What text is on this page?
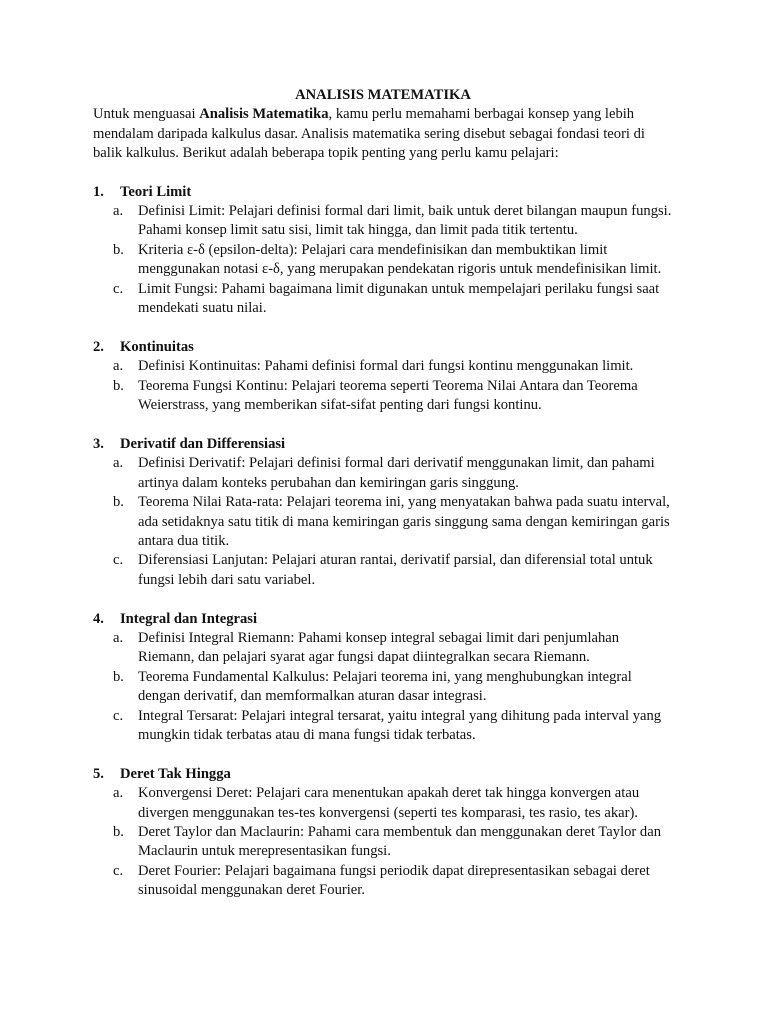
ANALISIS MATEMATIKA

Untuk menguasai Analisis Matematika, kamu perlu memahami berbagai konsep yang lebih mendalam daripada kalkulus dasar. Analisis matematika sering disebut sebagai fondasi teori di balik kalkulus. Berikut adalah beberapa topik penting yang perlu kamu pelajari:

1.	Teori Limit
a.	Definisi Limit: Pelajari definisi formal dari limit, baik untuk deret bilangan maupun fungsi. Pahami konsep limit satu sisi, limit tak hingga, dan limit pada titik tertentu.
b. Kriteria ε-δ (epsilon-delta): Pelajari cara mendefinisikan dan membuktikan limit menggunakan notasi ε-δ, yang merupakan pendekatan rigoris untuk mendefinisikan limit.
c.	Limit Fungsi: Pahami bagaimana limit digunakan untuk mempelajari perilaku fungsi saat mendekati suatu nilai.
2.	Kontinuitas
a.	Definisi Kontinuitas: Pahami definisi formal dari fungsi kontinu menggunakan limit.
b. Teorema Fungsi Kontinu: Pelajari teorema seperti Teorema Nilai Antara dan Teorema Weierstrass, yang memberikan sifat-sifat penting dari fungsi kontinu.
3.	Derivatif dan Differensiasi
a.	Definisi Derivatif: Pelajari definisi formal dari derivatif menggunakan limit, dan pahami artinya dalam konteks perubahan dan kemiringan garis singgung.
b. Teorema Nilai Rata-rata: Pelajari teorema ini, yang menyatakan bahwa pada suatu interval, ada setidaknya satu titik di mana kemiringan garis singgung sama dengan kemiringan garis antara dua titik.
c.	Diferensiasi Lanjutan: Pelajari aturan rantai, derivatif parsial, dan diferensial total untuk fungsi lebih dari satu variabel.
4.	Integral dan Integrasi
a.	Definisi Integral Riemann: Pahami konsep integral sebagai limit dari penjumlahan Riemann, dan pelajari syarat agar fungsi dapat diintegralkan secara Riemann.
b. Teorema Fundamental Kalkulus: Pelajari teorema ini, yang menghubungkan integral dengan derivatif, dan memformalkan aturan dasar integrasi.
c.	Integral Tersarat: Pelajari integral tersarat, yaitu integral yang dihitung pada interval yang mungkin tidak terbatas atau di mana fungsi tidak terbatas.
5.	Deret Tak Hingga
a.	Konvergensi Deret: Pelajari cara menentukan apakah deret tak hingga konvergen atau divergen menggunakan tes-tes konvergensi (seperti tes komparasi, tes rasio, tes akar).
b. Deret Taylor dan Maclaurin: Pahami cara membentuk dan menggunakan deret Taylor dan Maclaurin untuk merepresentasikan fungsi.
c.	Deret Fourier: Pelajari bagaimana fungsi periodik dapat direpresentasikan sebagai deret sinusoidal menggunakan deret Fourier.
